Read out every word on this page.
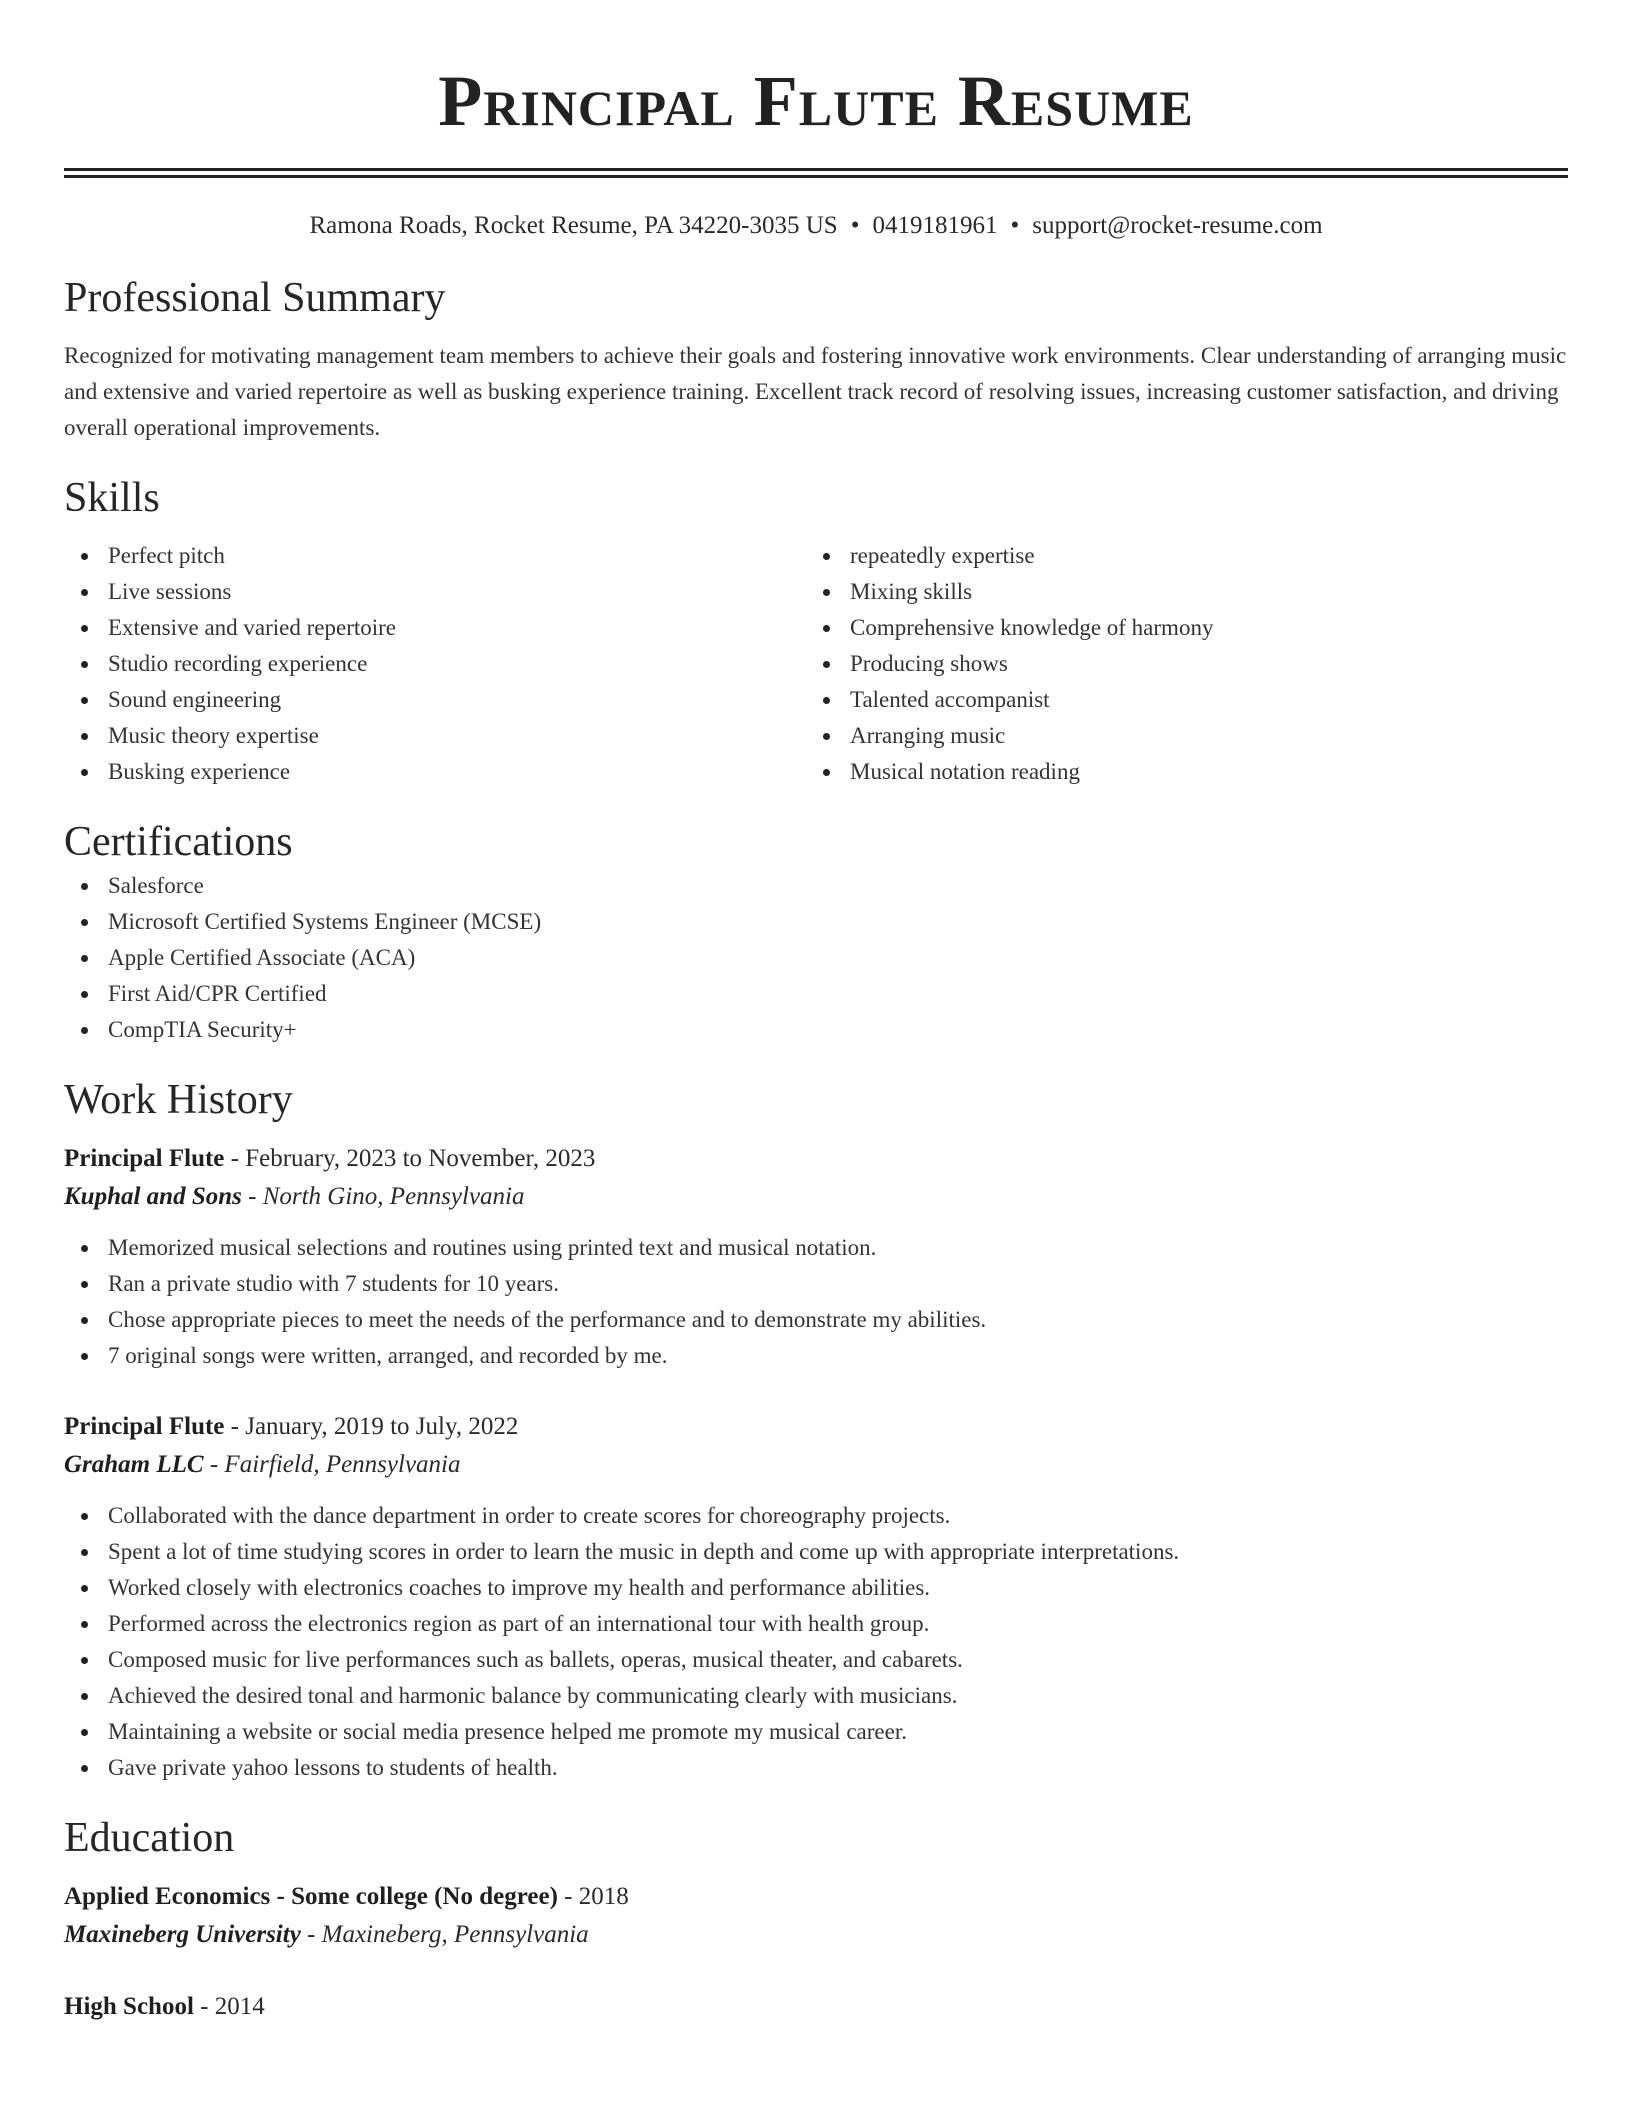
Principal Flute Resume
Ramona Roads, Rocket Resume, PA 34220-3035 US • 0419181961 • support@rocket-resume.com
Professional Summary

Recognized for motivating management team members to achieve their goals and fostering innovative work environments. Clear understanding of arranging music and extensive and varied repertoire as well as busking experience training. Excellent track record of resolving issues, increasing customer satisfaction, and driving overall operational improvements.

Skills
Perfect pitch
Live sessions
Extensive and varied repertoire
Studio recording experience
Sound engineering
Music theory expertise
Busking experience
repeatedly expertise
Mixing skills
Comprehensive knowledge of harmony
Producing shows
Talented accompanist
Arranging music
Musical notation reading
Certifications
Salesforce
Microsoft Certified Systems Engineer (MCSE)
Apple Certified Associate (ACA)
First Aid/CPR Certified
CompTIA Security+
Work History
Principal Flute - February, 2023 to November, 2023
Kuphal and Sons - North Gino, Pennsylvania
Memorized musical selections and routines using printed text and musical notation.
Ran a private studio with 7 students for 10 years.
Chose appropriate pieces to meet the needs of the performance and to demonstrate my abilities.
7 original songs were written, arranged, and recorded by me.
Principal Flute - January, 2019 to July, 2022
Graham LLC - Fairfield, Pennsylvania
Collaborated with the dance department in order to create scores for choreography projects.
Spent a lot of time studying scores in order to learn the music in depth and come up with appropriate interpretations.
Worked closely with electronics coaches to improve my health and performance abilities.
Performed across the electronics region as part of an international tour with health group.
Composed music for live performances such as ballets, operas, musical theater, and cabarets.
Achieved the desired tonal and harmonic balance by communicating clearly with musicians.
Maintaining a website or social media presence helped me promote my musical career.
Gave private yahoo lessons to students of health.
Education
Applied Economics - Some college (No degree) - 2018
Maxineberg University - Maxineberg, Pennsylvania
High School - 2014
